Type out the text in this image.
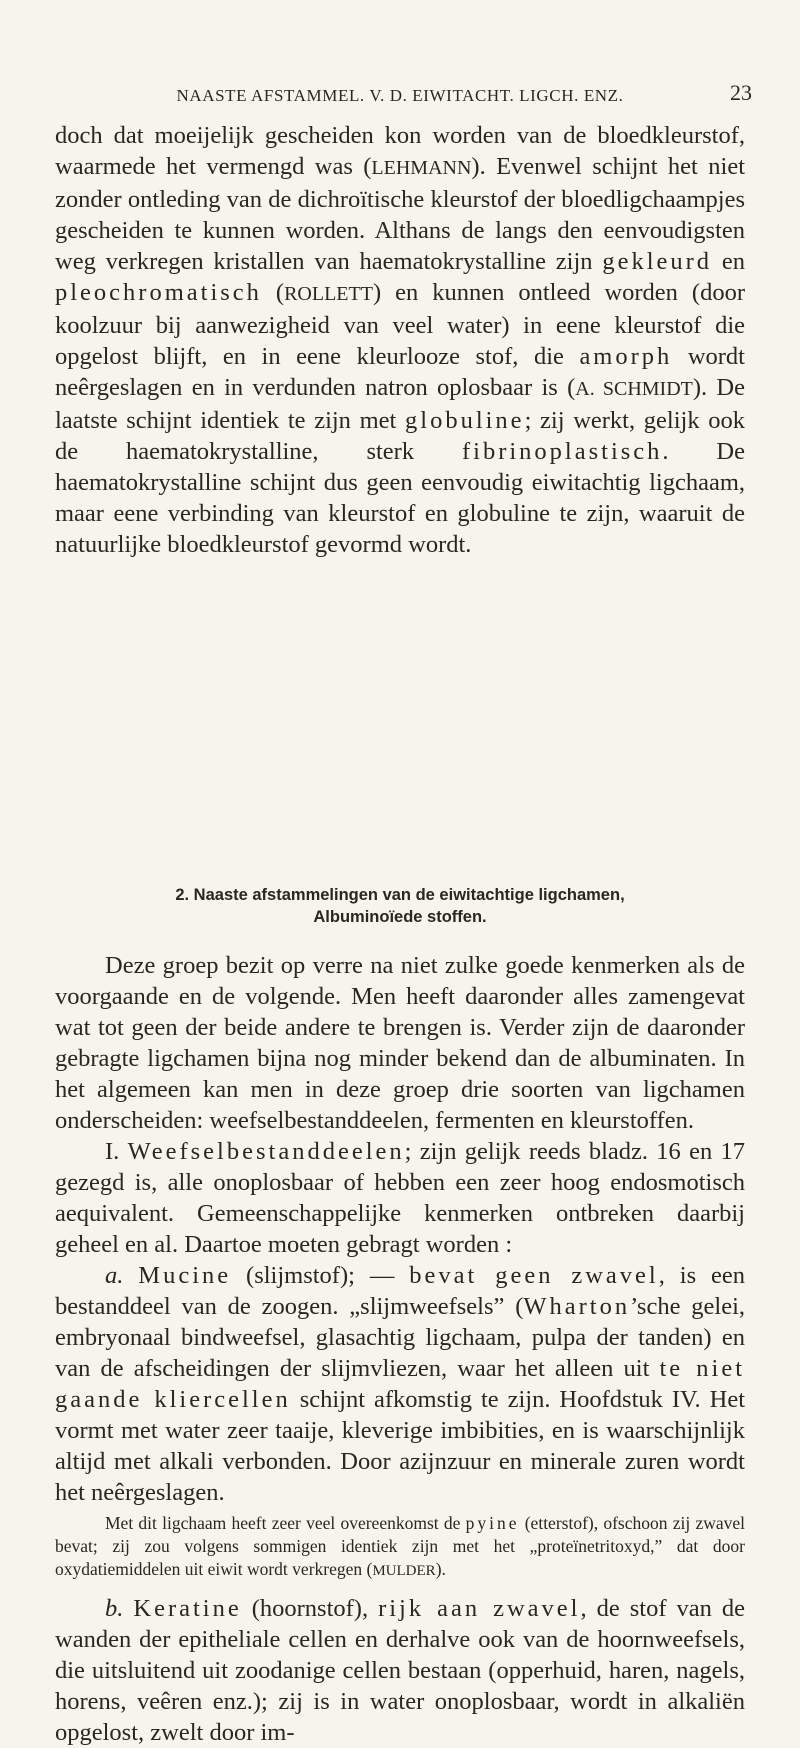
NAASTE AFSTAMMEL. V. D. EIWITACHT. LIGCH. ENZ.	23

doch dat moeijelijk gescheiden kon worden van de bloedkleurstof, waarmede het vermengd was (LEHMANN). Evenwel schijnt het niet zonder ontleding van de dichroïtische kleurstof der bloedligchaampjes gescheiden te kunnen worden. Althans de langs den eenvoudigsten weg verkregen kristallen van haematokrystalline zijn gekleurd en pleochromatisch (ROLLETT) en kunnen ontleed worden (door koolzuur bij aanwezigheid van veel water) in eene kleurstof die opgelost blijft, en in eene kleurlooze stof, die amorph wordt neêrgeslagen en in verdunden natron oplosbaar is (A. SCHMIDT). De laatste schijnt identiek te zijn met globuline; zij werkt, gelijk ook de haematokrystalline, sterk fibrinoplastisch. De haematokrystalline schijnt dus geen eenvoudig eiwitachtig ligchaam, maar eene verbinding van kleurstof en globuline te zijn, waaruit de natuurlijke bloedkleurstof gevormd wordt.

2. Naaste afstammelingen van de eiwitachtige ligchamen,
Albuminoïede stoffen.

Deze groep bezit op verre na niet zulke goede kenmerken als de voorgaande en de volgende. Men heeft daaronder alles zamengevat wat tot geen der beide andere te brengen is. Verder zijn de daaronder gebragte ligchamen bijna nog minder bekend dan de albuminaten. In het algemeen kan men in deze groep drie soorten van ligchamen onderscheiden: weefselbestanddeelen, fermenten en kleurstoffen.

I. Weefselbestanddeelen; zijn gelijk reeds bladz. 16 en 17 gezegd is, alle onoplosbaar of hebben een zeer hoog endosmotisch aequivalent. Gemeenschappelijke kenmerken ontbreken daarbij geheel en al. Daartoe moeten gebragt worden :

a. Mucine (slijmstof); — bevat geen zwavel, is een bestanddeel van de zoogen. „slijmweefsels” (Wharton’sche gelei, embryonaal bindweefsel, glasachtig ligchaam, pulpa der tanden) en van de afscheidingen der slijmvliezen, waar het alleen uit te niet gaande kliercellen schijnt afkomstig te zijn. Hoofdstuk IV. Het vormt met water zeer taaije, kleverige imbibities, en is waarschijnlijk altijd met alkali verbonden. Door azijnzuur en minerale zuren wordt het neêrgeslagen.

Met dit ligchaam heeft zeer veel overeenkomst de pyine (etterstof), ofschoon zij zwavel bevat; zij zou volgens sommigen identiek zijn met het „proteïnetritoxyd,” dat door oxydatiemiddelen uit eiwit wordt verkregen (MULDER).

b. Keratine (hoornstof), rijk aan zwavel, de stof van de wanden der epitheliale cellen en derhalve ook van de hoornweefsels, die uitsluitend uit zoodanige cellen bestaan (opperhuid, haren, nagels, horens, veêren enz.); zij is in water onoplosbaar, wordt in alkaliën opgelost, zwelt door im-
